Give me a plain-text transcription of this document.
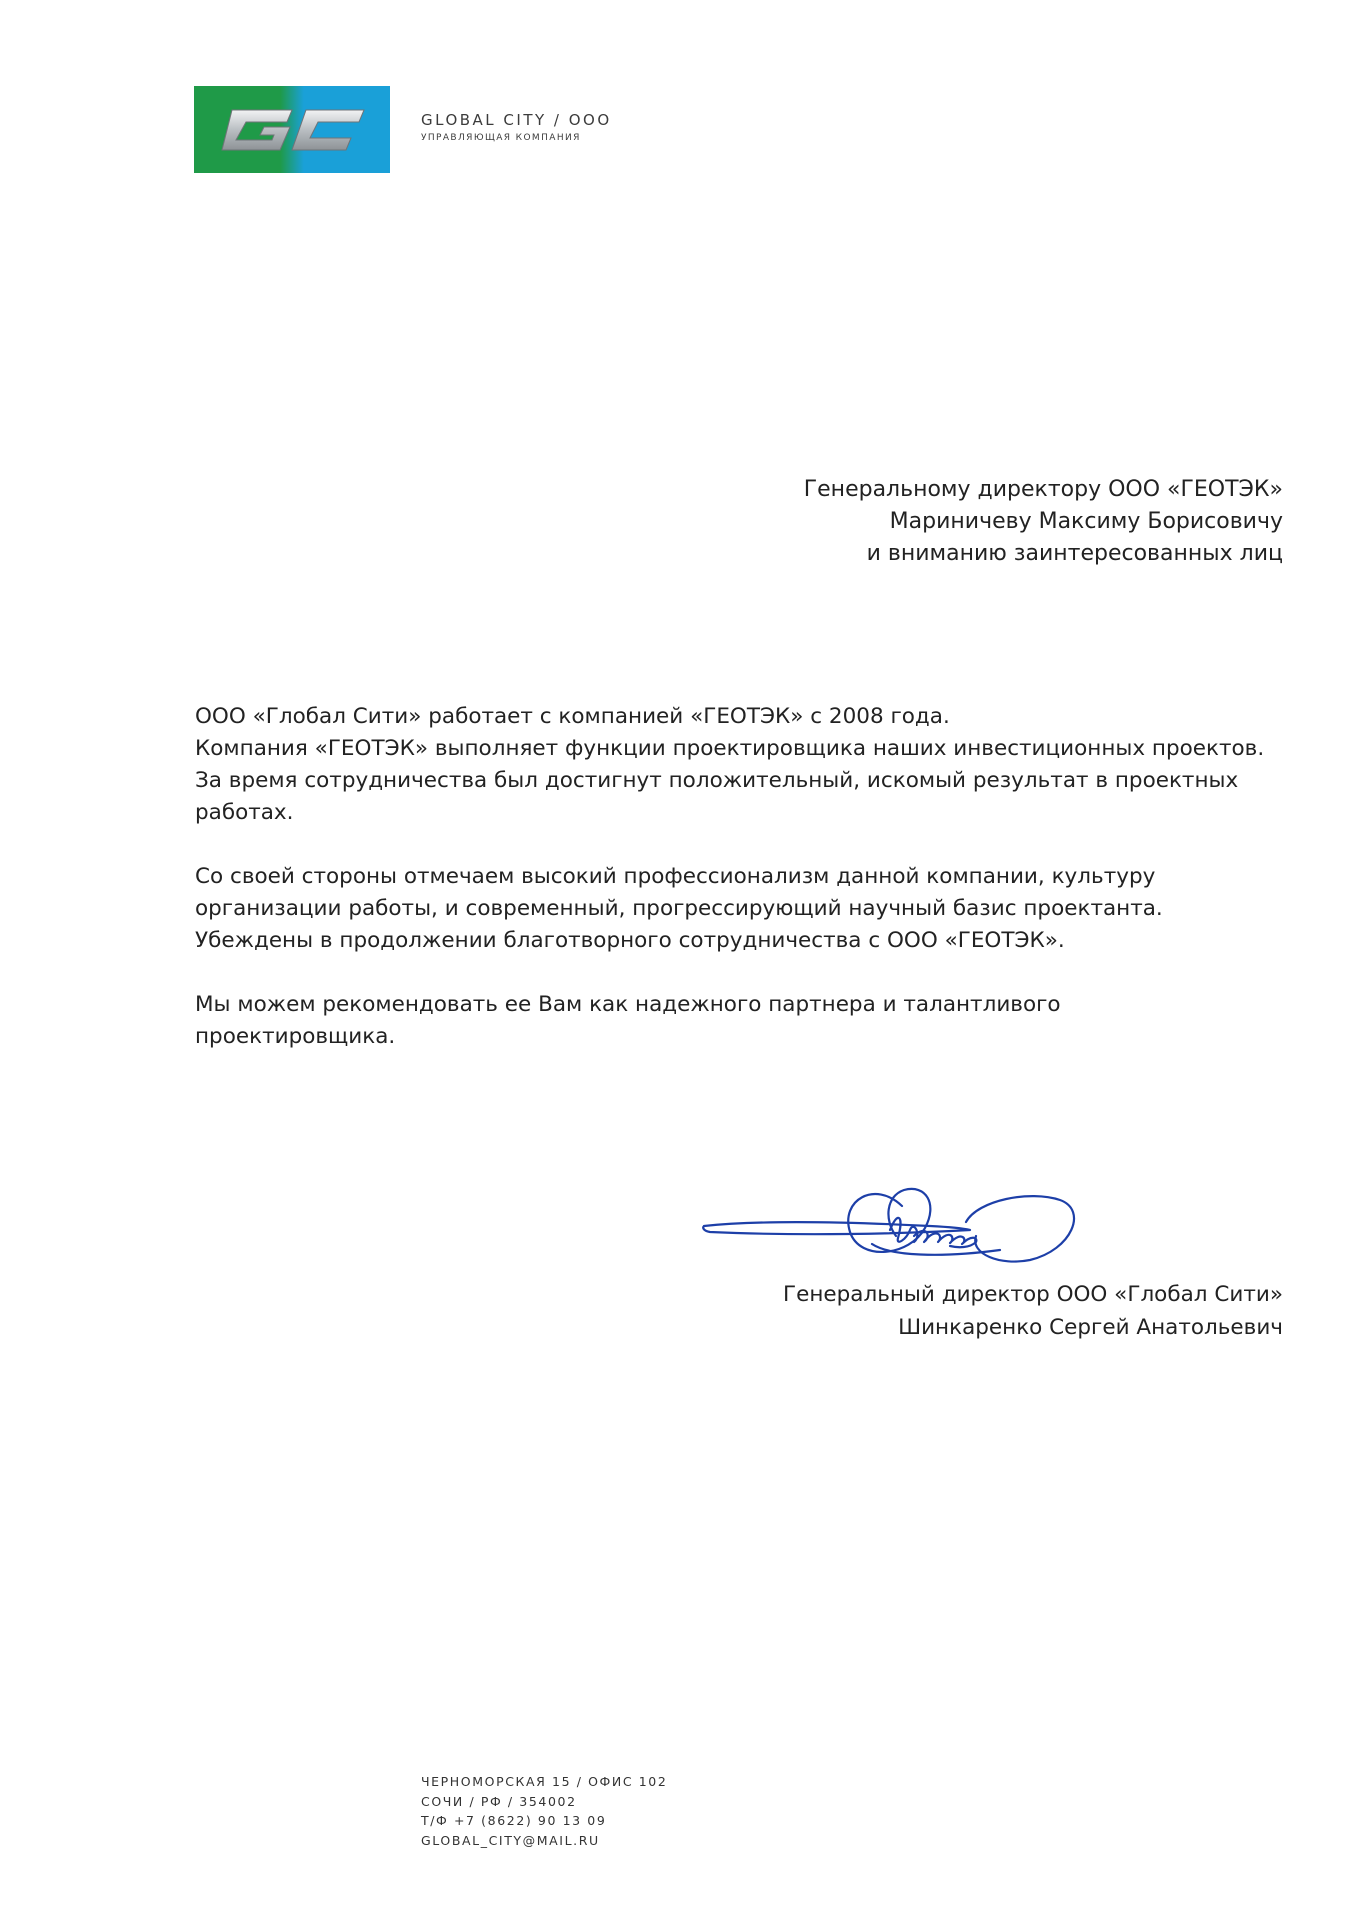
GLOBAL CITY / ООО
УПРАВЛЯЮЩАЯ КОМПАНИЯ
Генеральному директору ООО «ГЕОТЭК»
Мариничеву Максиму Борисовичу
и вниманию заинтересованных лиц
ООО «Глобал Сити» работает с компанией «ГЕОТЭК» с 2008 года.
Компания «ГЕОТЭК» выполняет функции проектировщика наших инвестиционных проектов.
За время сотрудничества был достигнут положительный, искомый результат в проектных
работах.
Со своей стороны отмечаем высокий профессионализм данной компании, культуру
организации работы, и современный, прогрессирующий научный базис проектанта.
Убеждены в продолжении благотворного сотрудничества с ООО «ГЕОТЭК».
Мы можем рекомендовать ее Вам как надежного партнера и талантливого
проектировщика.
Генеральный директор ООО «Глобал Сити»
Шинкаренко Сергей Анатольевич
ЧЕРНОМОРСКАЯ 15 / ОФИС 102
СОЧИ / РФ / 354002
Т/Ф +7 (8622) 90 13 09
GLOBAL_CITY@MAIL.RU
